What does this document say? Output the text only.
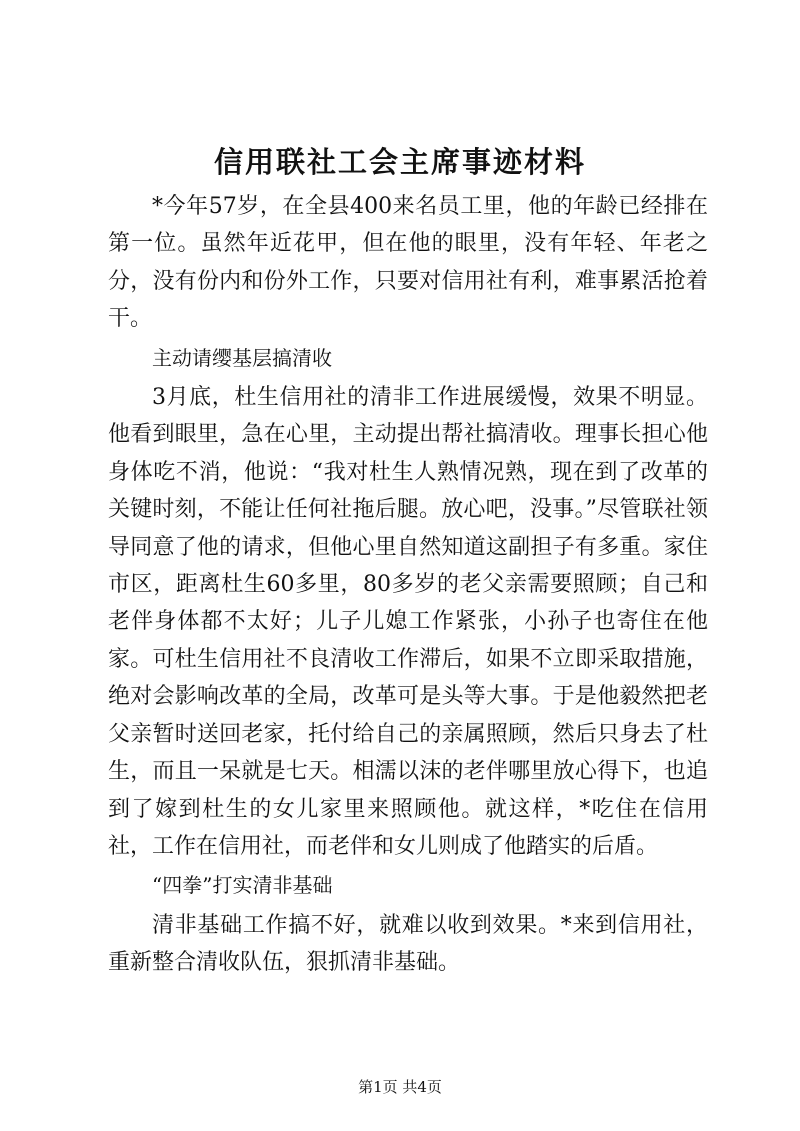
信用联社工会主席事迹材料

*今年57岁，在全县400来名员工里，他的年龄已经排在第一位。虽然年近花甲，但在他的眼里，没有年轻、年老之分，没有份内和份外工作，只要对信用社有利，难事累活抢着干。

主动请缨基层搞清收

3月底，杜生信用社的清非工作进展缓慢，效果不明显。他看到眼里，急在心里，主动提出帮社搞清收。理事长担心他身体吃不消，他说：“我对杜生人熟情况熟，现在到了改革的关键时刻，不能让任何社拖后腿。放心吧，没事。”尽管联社领导同意了他的请求，但他心里自然知道这副担子有多重。家住市区，距离杜生60多里，80多岁的老父亲需要照顾；自己和老伴身体都不太好；儿子儿媳工作紧张，小孙子也寄住在他家。可杜生信用社不良清收工作滞后，如果不立即采取措施，绝对会影响改革的全局，改革可是头等大事。于是他毅然把老父亲暂时送回老家，托付给自己的亲属照顾，然后只身去了杜生，而且一呆就是七天。相濡以沫的老伴哪里放心得下，也追到了嫁到杜生的女儿家里来照顾他。就这样，*吃住在信用社，工作在信用社，而老伴和女儿则成了他踏实的后盾。

“四拳”打实清非基础

清非基础工作搞不好，就难以收到效果。*来到信用社，重新整合清收队伍，狠抓清非基础。

第1页 共4页
